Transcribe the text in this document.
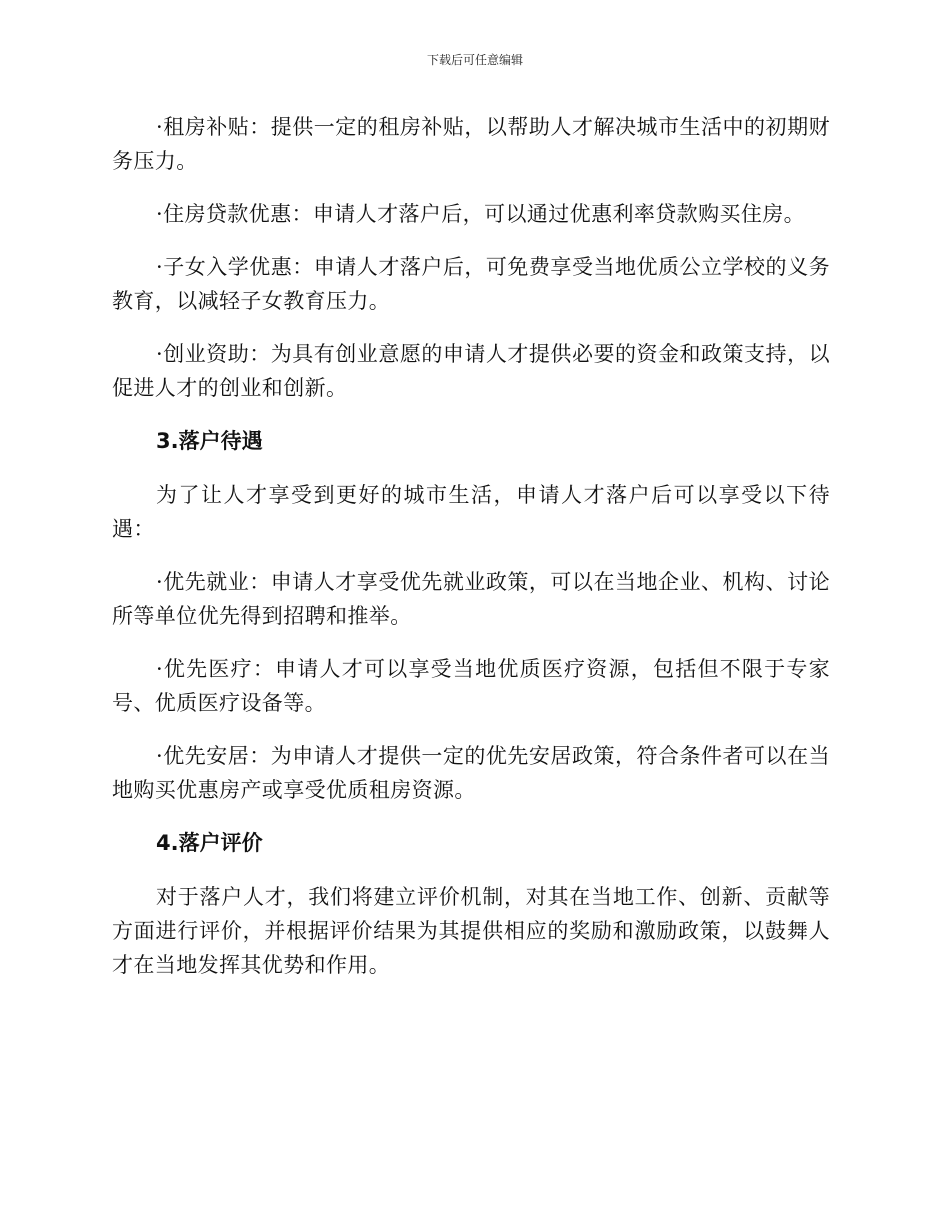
下载后可任意编辑

·租房补贴：提供一定的租房补贴，以帮助人才解决城市生活中的初期财务压力。

·住房贷款优惠：申请人才落户后，可以通过优惠利率贷款购买住房。

·子女入学优惠：申请人才落户后，可免费享受当地优质公立学校的义务教育，以减轻子女教育压力。

·创业资助：为具有创业意愿的申请人才提供必要的资金和政策支持，以促进人才的创业和创新。

3.落户待遇

为了让人才享受到更好的城市生活，申请人才落户后可以享受以下待遇：

·优先就业：申请人才享受优先就业政策，可以在当地企业、机构、讨论所等单位优先得到招聘和推举。

·优先医疗：申请人才可以享受当地优质医疗资源，包括但不限于专家号、优质医疗设备等。

·优先安居：为申请人才提供一定的优先安居政策，符合条件者可以在当地购买优惠房产或享受优质租房资源。

4.落户评价

对于落户人才，我们将建立评价机制，对其在当地工作、创新、贡献等方面进行评价，并根据评价结果为其提供相应的奖励和激励政策，以鼓舞人才在当地发挥其优势和作用。
